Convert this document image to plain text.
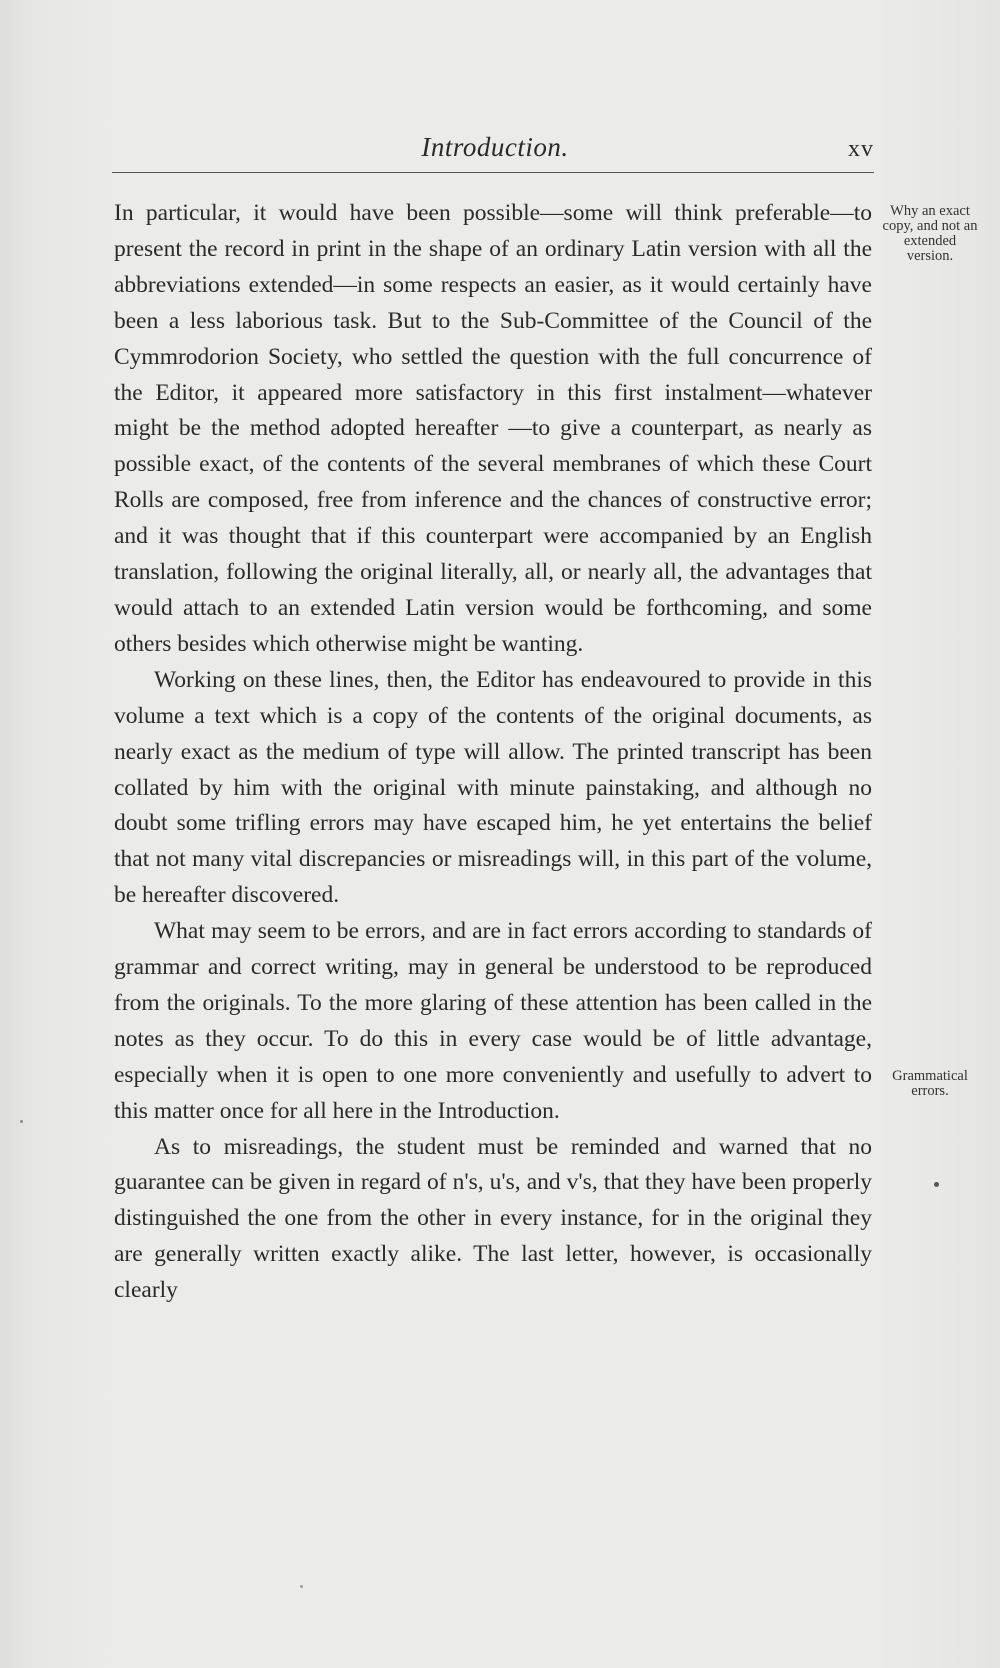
Introduction.	xv

In particular, it would have been possible—some will think preferable—to present the record in print in the shape of an ordinary Latin version with all the abbreviations extended—in some respects an easier, as it would certainly have been a less laborious task. But to the Sub-Committee of the Council of the Cymmrodorion Society, who settled the question with the full concurrence of the Editor, it appeared more satisfactory in this first instalment—whatever might be the method adopted hereafter —to give a counterpart, as nearly as possible exact, of the contents of the several membranes of which these Court Rolls are composed, free from inference and the chances of constructive error; and it was thought that if this counterpart were accompanied by an English translation, following the original literally, all, or nearly all, the advantages that would attach to an extended Latin version would be forthcoming, and some others besides which otherwise might be wanting.

Working on these lines, then, the Editor has endeavoured to provide in this volume a text which is a copy of the contents of the original documents, as nearly exact as the medium of type will allow. The printed transcript has been collated by him with the original with minute painstaking, and although no doubt some trifling errors may have escaped him, he yet entertains the belief that not many vital discrepancies or misreadings will, in this part of the volume, be hereafter discovered.

What may seem to be errors, and are in fact errors according to standards of grammar and correct writing, may in general be understood to be reproduced from the originals. To the more glaring of these attention has been called in the notes as they occur. To do this in every case would be of little advantage, especially when it is open to one more conveniently and usefully to advert to this matter once for all here in the Introduction.

As to misreadings, the student must be reminded and warned that no guarantee can be given in regard of n's, u's, and v's, that they have been properly distinguished the one from the other in every instance, for in the original they are generally written exactly alike. The last letter, however, is occasionally clearly

Why an exact copy, and not an extended version.
Grammatical errors.
